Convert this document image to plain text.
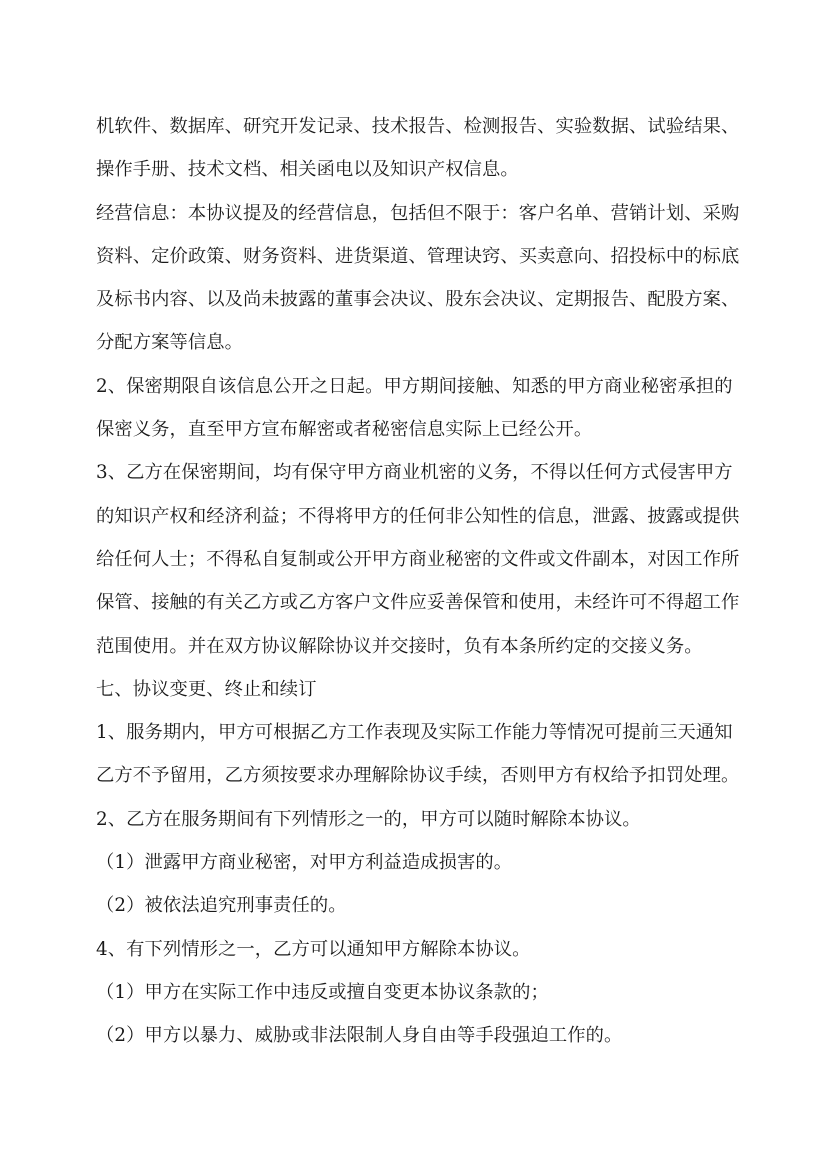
机软件、数据库、研究开发记录、技术报告、检测报告、实验数据、试验结果、
操作手册、技术文档、相关函电以及知识产权信息。
经营信息：本协议提及的经营信息，包括但不限于：客户名单、营销计划、采购
资料、定价政策、财务资料、进货渠道、管理诀窍、买卖意向、招投标中的标底
及标书内容、以及尚未披露的董事会决议、股东会决议、定期报告、配股方案、
分配方案等信息。
2、保密期限自该信息公开之日起。甲方期间接触、知悉的甲方商业秘密承担的
保密义务，直至甲方宣布解密或者秘密信息实际上已经公开。
3、乙方在保密期间，均有保守甲方商业机密的义务，不得以任何方式侵害甲方
的知识产权和经济利益；不得将甲方的任何非公知性的信息，泄露、披露或提供
给任何人士；不得私自复制或公开甲方商业秘密的文件或文件副本，对因工作所
保管、接触的有关乙方或乙方客户文件应妥善保管和使用，未经许可不得超工作
范围使用。并在双方协议解除协议并交接时，负有本条所约定的交接义务。
七、协议变更、终止和续订
1、服务期内，甲方可根据乙方工作表现及实际工作能力等情况可提前三天通知
乙方不予留用，乙方须按要求办理解除协议手续，否则甲方有权给予扣罚处理。
2、乙方在服务期间有下列情形之一的，甲方可以随时解除本协议。
（1）泄露甲方商业秘密，对甲方利益造成损害的。
（2）被依法追究刑事责任的。
4、有下列情形之一，乙方可以通知甲方解除本协议。
（1）甲方在实际工作中违反或擅自变更本协议条款的；
（2）甲方以暴力、威胁或非法限制人身自由等手段强迫工作的。
